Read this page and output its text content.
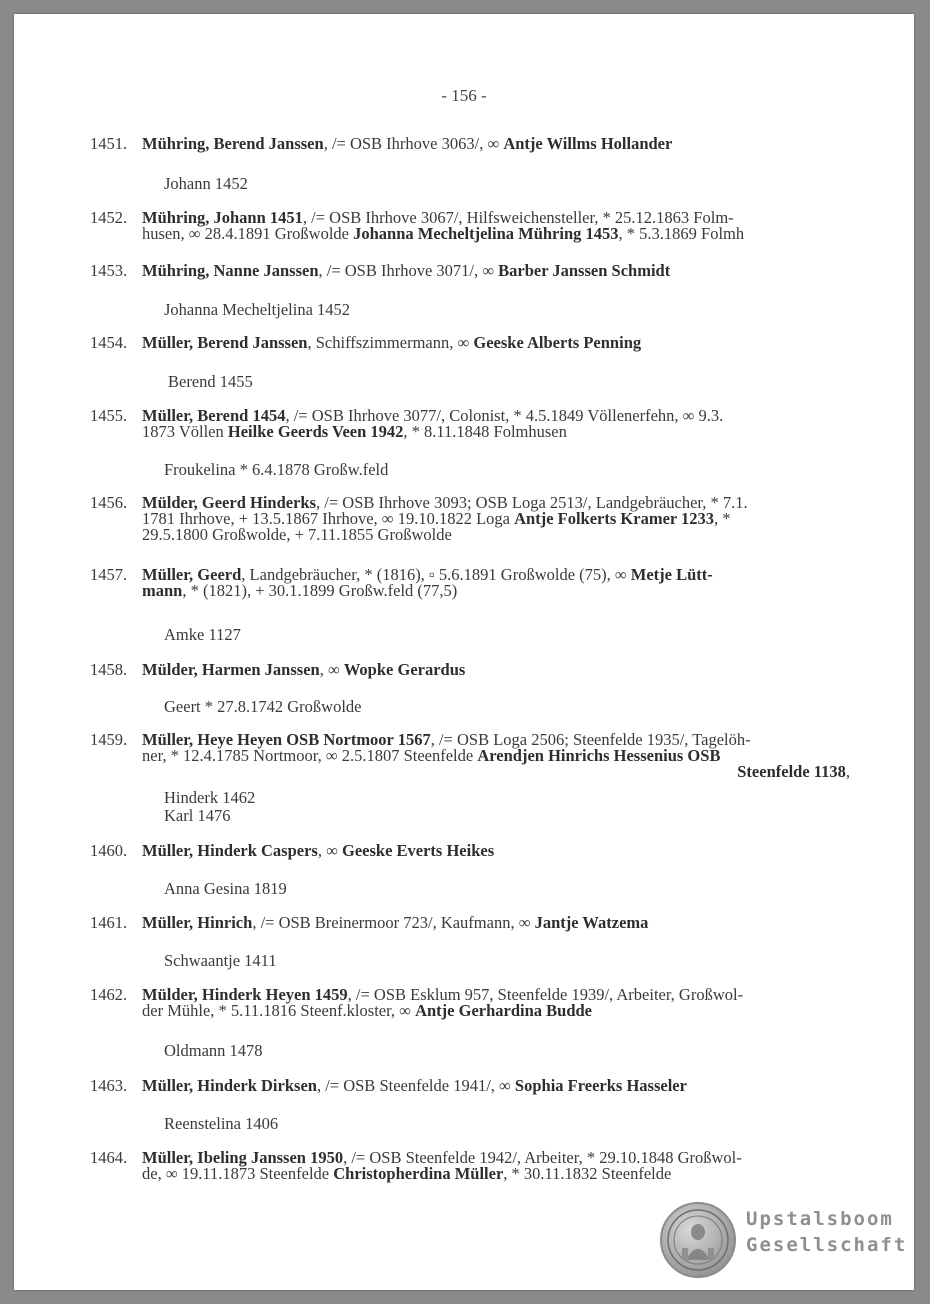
- 156 -
1451. Mühring, Berend Janssen, /= OSB Ihrhove 3063/, ∞ Antje Willms Hollander
Johann 1452
1452. Mühring, Johann 1451, /= OSB Ihrhove 3067/, Hilfsweichensteller, * 25.12.1863 Folm-
husen, ∞ 28.4.1891 Großwolde Johanna Mecheltjelina Mühring 1453, * 5.3.1869 Folmh
1453. Mühring, Nanne Janssen, /= OSB Ihrhove 3071/, ∞ Barber Janssen Schmidt
Johanna Mecheltjelina 1452
1454. Müller, Berend Janssen, Schiffszimmermann, ∞ Geeske Alberts Penning
Berend 1455
1455. Müller, Berend 1454, /= OSB Ihrhove 3077/, Colonist, * 4.5.1849 Völlenerfehn, ∞ 9.3.
1873 Völlen Heilke Geerds Veen 1942, * 8.11.1848 Folmhusen
Froukelina * 6.4.1878 Großw.feld
1456. Mülder, Geerd Hinderks, /= OSB Ihrhove 3093; OSB Loga 2513/, Landgebräucher, * 7.1.
1781 Ihrhove, + 13.5.1867 Ihrhove, ∞ 19.10.1822 Loga Antje Folkerts Kramer 1233, *
29.5.1800 Großwolde, + 7.11.1855 Großwolde
1457. Müller, Geerd, Landgebräucher, * (1816), ▫ 5.6.1891 Großwolde (75), ∞ Metje Lütt-
mann, * (1821), + 30.1.1899 Großw.feld (77,5)
Amke 1127
1458. Mülder, Harmen Janssen, ∞ Wopke Gerardus
Geert * 27.8.1742 Großwolde
1459. Müller, Heye Heyen OSB Nortmoor 1567, /= OSB Loga 2506; Steenfelde 1935/, Tagelöh-
ner, * 12.4.1785 Nortmoor, ∞ 2.5.1807 Steenfelde Arendjen Hinrichs Hessenius OSB
Steenfelde 1138,
Hinderk 1462
Karl 1476
1460. Müller, Hinderk Caspers, ∞ Geeske Everts Heikes
Anna Gesina 1819
1461. Müller, Hinrich, /= OSB Breinermoor 723/, Kaufmann, ∞ Jantje Watzema
Schwaantje 1411
1462. Mülder, Hinderk Heyen 1459, /= OSB Esklum 957, Steenfelde 1939/, Arbeiter, Großwol-
der Mühle, * 5.11.1816 Steenf.kloster, ∞ Antje Gerhardina Budde
Oldmann 1478
1463. Müller, Hinderk Dirksen, /= OSB Steenfelde 1941/, ∞ Sophia Freerks Hasseler
Reenstelina 1406
1464. Müller, Ibeling Janssen 1950, /= OSB Steenfelde 1942/, Arbeiter, * 29.10.1848 Großwol-
de, ∞ 19.11.1873 Steenfelde Christopherdina Müller, * 30.11.1832 Steenfelde
Upstalsboom
Gesellschaft
